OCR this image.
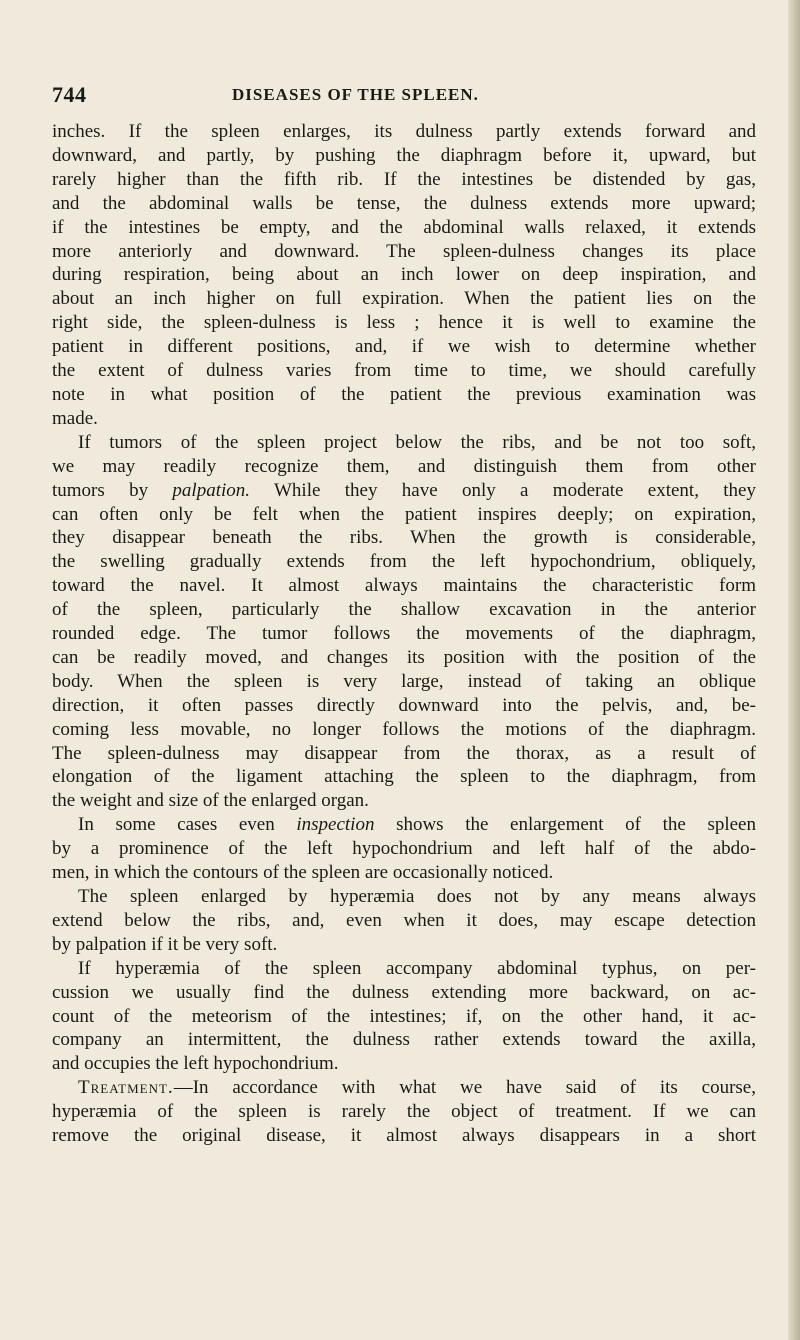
744	DISEASES OF THE SPLEEN.
inches. If the spleen enlarges, its dulness partly extends forward and
downward, and partly, by pushing the diaphragm before it, upward, but
rarely higher than the fifth rib. If the intestines be distended by gas,
and the abdominal walls be tense, the dulness extends more upward;
if the intestines be empty, and the abdominal walls relaxed, it extends
more anteriorly and downward. The spleen-dulness changes its place
during respiration, being about an inch lower on deep inspiration, and
about an inch higher on full expiration. When the patient lies on the
right side, the spleen-dulness is less ; hence it is well to examine the
patient in different positions, and, if we wish to determine whether
the extent of dulness varies from time to time, we should carefully
note in what position of the patient the previous examination was
made.
If tumors of the spleen project below the ribs, and be not too soft,
we may readily recognize them, and distinguish them from other
tumors by palpation. While they have only a moderate extent, they
can often only be felt when the patient inspires deeply; on expiration,
they disappear beneath the ribs. When the growth is considerable,
the swelling gradually extends from the left hypochondrium, obliquely,
toward the navel. It almost always maintains the characteristic form
of the spleen, particularly the shallow excavation in the anterior
rounded edge. The tumor follows the movements of the diaphragm,
can be readily moved, and changes its position with the position of the
body. When the spleen is very large, instead of taking an oblique
direction, it often passes directly downward into the pelvis, and, be-
coming less movable, no longer follows the motions of the diaphragm.
The spleen-dulness may disappear from the thorax, as a result of
elongation of the ligament attaching the spleen to the diaphragm, from
the weight and size of the enlarged organ.
In some cases even inspection shows the enlargement of the spleen
by a prominence of the left hypochondrium and left half of the abdo-
men, in which the contours of the spleen are occasionally noticed.
The spleen enlarged by hyperæmia does not by any means always
extend below the ribs, and, even when it does, may escape detection
by palpation if it be very soft.
If hyperæmia of the spleen accompany abdominal typhus, on per-
cussion we usually find the dulness extending more backward, on ac-
count of the meteorism of the intestines; if, on the other hand, it ac-
company an intermittent, the dulness rather extends toward the axilla,
and occupies the left hypochondrium.
Treatment.—In accordance with what we have said of its course,
hyperæmia of the spleen is rarely the object of treatment. If we can
remove the original disease, it almost always disappears in a short
